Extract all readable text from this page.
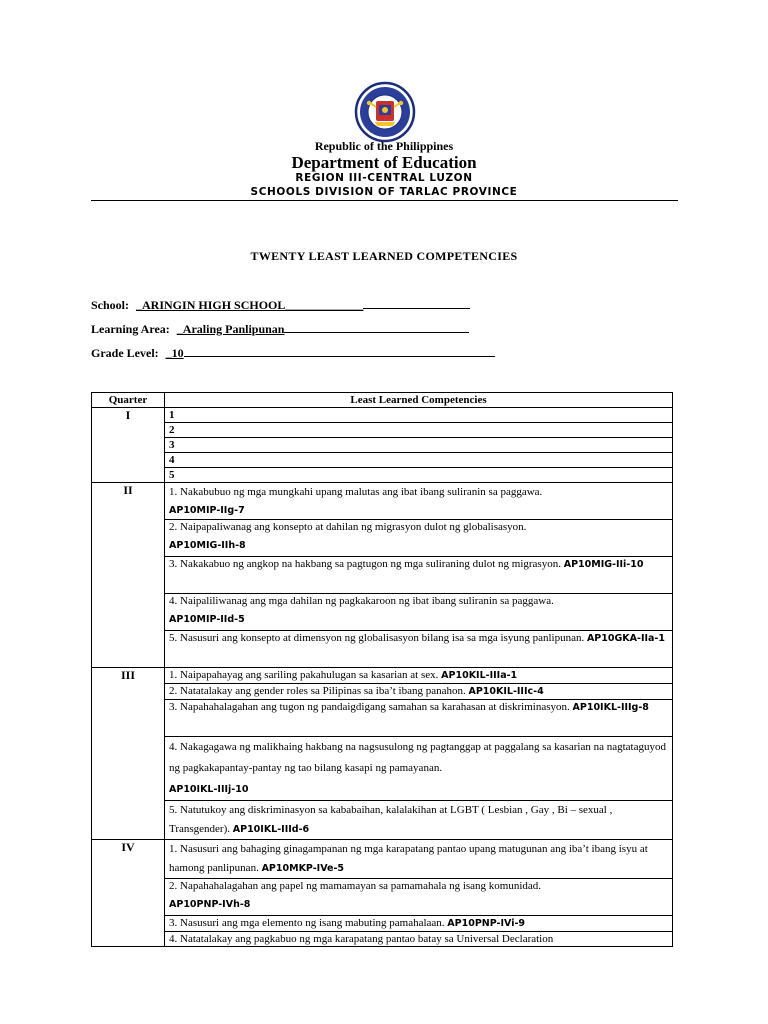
Republic of the Philippines
Department of Education
REGION III-CENTRAL LUZON
SCHOOLS DIVISION OF TARLAC PROVINCE
TWENTY LEAST LEARNED COMPETENCIES
School: _ARINGIN HIGH SCHOOL_____________
Learning Area: _Araling Panlipunan
Grade Level: _10
Quarter	Least Learned Competencies
I	1
	2
	3
	4
	5
II	1. Nakabubuo ng mga mungkahi upang malutas ang ibat ibang suliranin sa paggawa.
AP10MIP-IIg-7

	2. Naipapaliwanag ang konsepto at dahilan ng migrasyon dulot ng globalisasyon.
AP10MIG-IIh-8

	3. Nakakabuo ng angkop na hakbang sa pagtugon ng mga suliraning dulot ng migrasyon. AP10MIG-IIi-10

	4. Naipaliliwanag ang mga dahilan ng pagkakaroon ng ibat ibang suliranin sa paggawa.
AP10MIP-IId-5

	5. Nasusuri ang konsepto at dimensyon ng globalisasyon bilang isa sa mga isyung panlipunan. AP10GKA-IIa-1
III	1. Naipapahayag ang sariling pakahulugan sa kasarian at sex. AP10KIL-IIIa-1
	2. Natatalakay ang gender roles sa Pilipinas sa iba’t ibang panahon. AP10KIL-IIIc-4
	3. Napahahalagahan ang tugon ng pandaigdigang samahan sa karahasan at diskriminasyon. AP10IKL-IIIg-8
	4. Nakagagawa ng malikhaing hakbang na nagsusulong ng pagtanggap at paggalang sa kasarian na nagtataguyod ng pagkakapantay-pantay ng tao bilang kasapi ng pamayanan.
AP10IKL-IIIj-10
	5. Natutukoy ang diskriminasyon sa kababaihan, kalalakihan at LGBT ( Lesbian , Gay , Bi – sexual , Transgender). AP10IKL-IIId-6
IV	1. Nasusuri ang bahaging ginagampanan ng mga karapatang pantao upang matugunan ang iba’t ibang isyu at hamong panlipunan. AP10MKP-IVe-5

	2. Napahahalagahan ang papel ng mamamayan sa pamamahala ng isang komunidad.
AP10PNP-IVh-8

	3. Nasusuri ang mga elemento ng isang mabuting pamahalaan. AP10PNP-IVi-9
	4. Natatalakay ang pagkabuo ng mga karapatang pantao batay sa Universal Declaration
